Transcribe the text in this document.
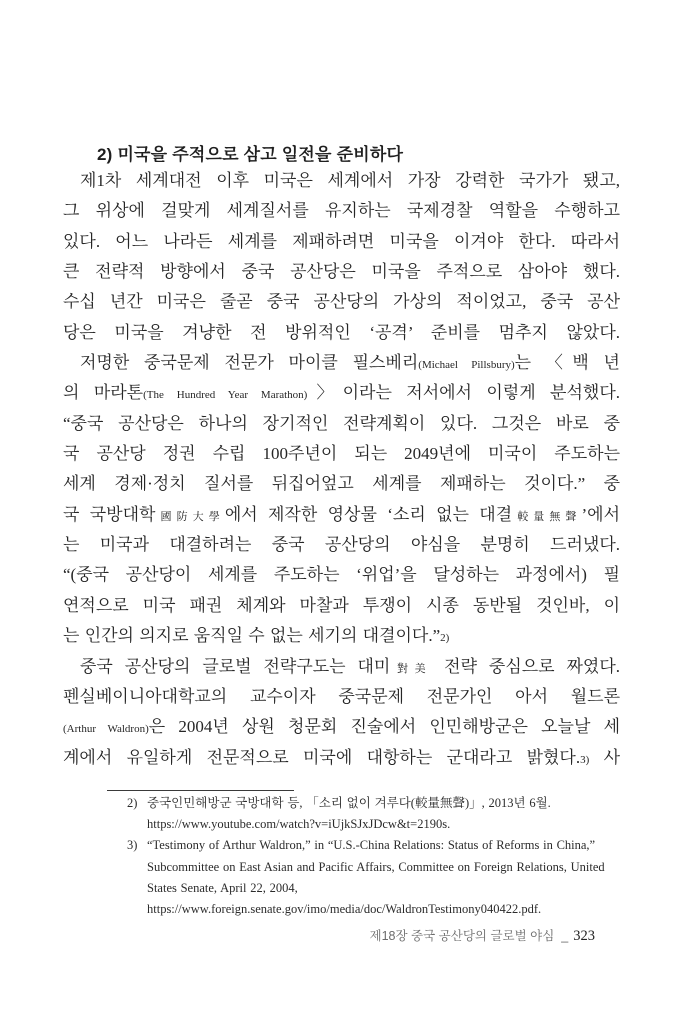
2) 미국을 주적으로 삼고 일전을 준비하다
제1차 세계대전 이후 미국은 세계에서 가장 강력한 국가가 됐고,
그 위상에 걸맞게 세계질서를 유지하는 국제경찰 역할을 수행하고
있다. 어느 나라든 세계를 제패하려면 미국을 이겨야 한다. 따라서
큰 전략적 방향에서 중국 공산당은 미국을 주적으로 삼아야 했다.
수십 년간 미국은 줄곧 중국 공산당의 가상의 적이었고, 중국 공산
당은 미국을 겨냥한 전 방위적인 ‘공격’ 준비를 멈추지 않았다.
저명한 중국문제 전문가 마이클 필스베리(Michael Pillsbury)는 〈백 년
의 마라톤(The Hundred Year Marathon)〉이라는 저서에서 이렇게 분석했다.
“중국 공산당은 하나의 장기적인 전략계획이 있다. 그것은 바로 중
국 공산당 정권 수립 100주년이 되는 2049년에 미국이 주도하는
세계 경제·정치 질서를 뒤집어엎고 세계를 제패하는 것이다.” 중
국 국방대학國防大學에서 제작한 영상물 ‘소리 없는 대결較量無聲’에서
는 미국과 대결하려는 중국 공산당의 야심을 분명히 드러냈다.
“(중국 공산당이 세계를 주도하는 ‘위업’을 달성하는 과정에서) 필
연적으로 미국 패권 체계와 마찰과 투쟁이 시종 동반될 것인바, 이
는 인간의 의지로 움직일 수 없는 세기의 대결이다.”2)
중국 공산당의 글로벌 전략구도는 대미對美 전략 중심으로 짜였다.
펜실베이니아대학교의 교수이자 중국문제 전문가인 아서 월드론
(Arthur Waldron)은 2004년 상원 청문회 진술에서 인민해방군은 오늘날 세
계에서 유일하게 전문적으로 미국에 대항하는 군대라고 밝혔다.3) 사
2) 중국인민해방군 국방대학 등, 「소리 없이 겨루다(較量無聲)」, 2013년 6월.
https://www.youtube.com/watch?v=iUjkSJxJDcw&t=2190s.
3) “Testimony of Arthur Waldron,” in “U.S.-China Relations: Status of Reforms in China,”
Subcommittee on East Asian and Pacific Affairs, Committee on Foreign Relations, United
States Senate, April 22, 2004,
https://www.foreign.senate.gov/imo/media/doc/WaldronTestimony040422.pdf.
제18장 중국 공산당의 글로벌 야심 _ 323
